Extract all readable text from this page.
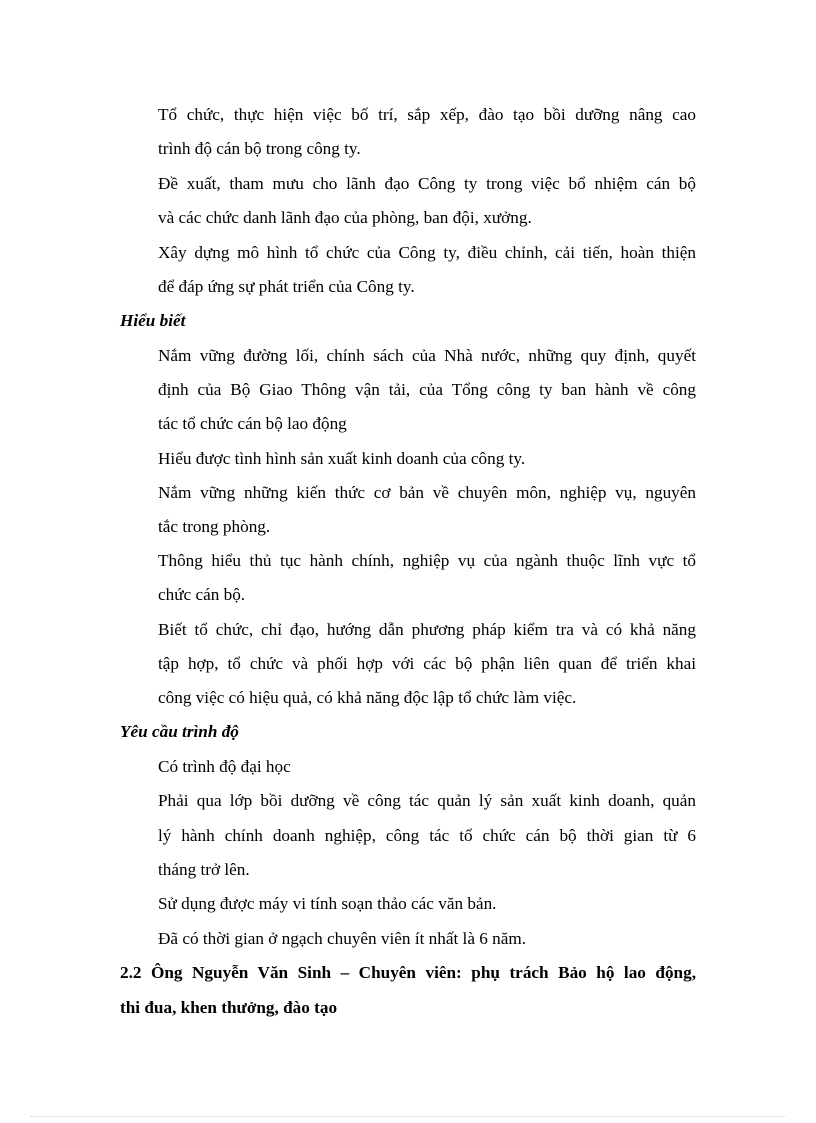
Tổ chức, thực hiện việc bố trí, sắp xếp, đào tạo bồi dưỡng nâng cao
trình độ cán bộ trong công ty.
Đề xuất, tham mưu cho lãnh đạo Công ty trong việc bổ nhiệm cán bộ
và các chức danh lãnh đạo của phòng, ban đội, xưởng.
Xây dựng mô hình tổ chức của Công ty, điều chỉnh, cải tiến, hoàn thiện
để đáp ứng sự phát triển của Công ty.
Hiểu biết
Nắm vững đường lối, chính sách của Nhà nước, những quy định, quyết
định của Bộ Giao Thông vận tải, của Tổng công ty ban hành về công
tác tổ chức cán bộ lao động
Hiểu được tình hình sản xuất kinh doanh của công ty.
Nắm vững những kiến thức cơ bản về chuyên môn, nghiệp vụ, nguyên
tắc trong phòng.
Thông hiểu thủ tục hành chính, nghiệp vụ của ngành thuộc lĩnh vực tổ
chức cán bộ.
Biết tổ chức, chỉ đạo, hướng dẫn phương pháp kiểm tra và có khả năng
tập hợp, tổ chức và phối hợp với các bộ phận liên quan để triển khai
công việc có hiệu quả, có khả năng độc lập tổ chức làm việc.
Yêu cầu trình độ
Có trình độ đại học
Phải qua lớp bồi dưỡng về công tác quản lý sản xuất kinh doanh, quản
lý hành chính doanh nghiệp, công tác tổ chức cán bộ thời gian từ 6
tháng trở lên.
Sử dụng được máy vi tính soạn thảo các văn bản.
Đã có thời gian ở ngạch chuyên viên ít nhất là 6 năm.
2.2 Ông Nguyễn Văn Sinh – Chuyên viên: phụ trách Bảo hộ lao động,
thi đua, khen thưởng, đào tạo
